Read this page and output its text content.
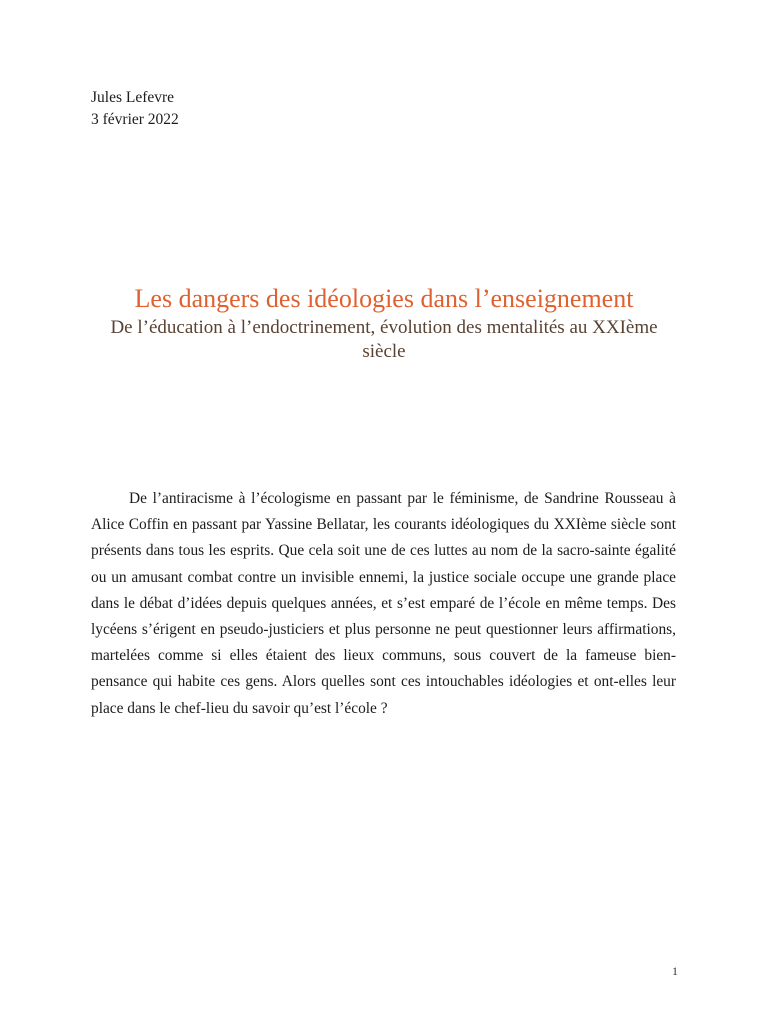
Jules Lefevre
3 février 2022
Les dangers des idéologies dans l’enseignement

De l’éducation à l’endoctrinement, évolution des mentalités au XXIème siècle

De l’antiracisme à l’écologisme en passant par le féminisme, de Sandrine Rousseau à Alice Coffin en passant par Yassine Bellatar, les courants idéologiques du XXIème siècle sont présents dans tous les esprits. Que cela soit une de ces luttes au nom de la sacro-sainte égalité ou un amusant combat contre un invisible ennemi, la justice sociale occupe une grande place dans le débat d’idées depuis quelques années, et s’est emparé de l’école en même temps. Des lycéens s’érigent en pseudo-justiciers et plus personne ne peut questionner leurs affirmations, martelées comme si elles étaient des lieux communs, sous couvert de la fameuse bien-pensance qui habite ces gens. Alors quelles sont ces intouchables idéologies et ont-elles leur place dans le chef-lieu du savoir qu’est l’école ?

1
